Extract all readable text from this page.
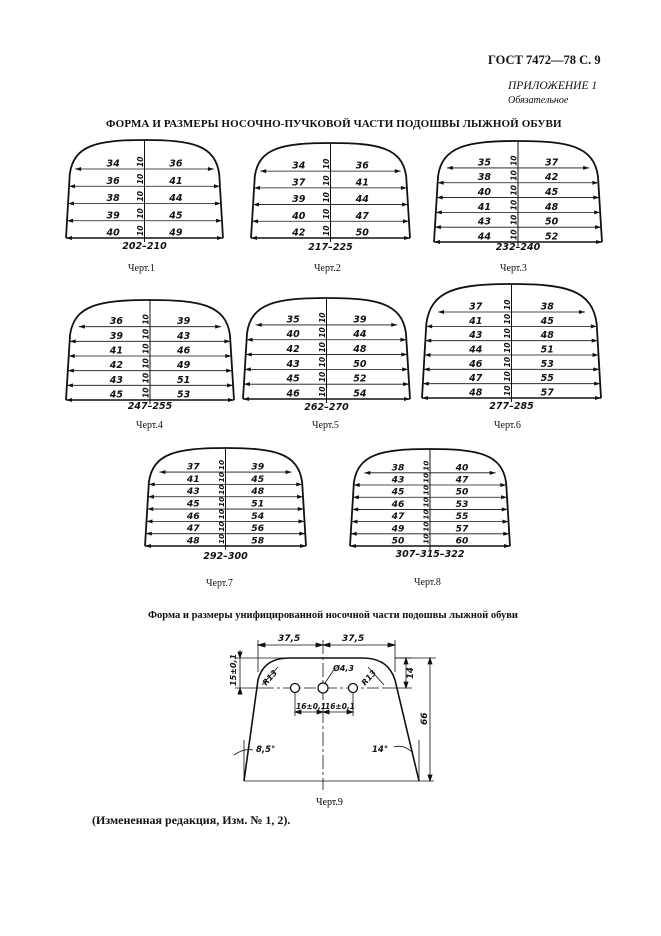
ГОСТ 7472—78 С. 9
ПРИЛОЖЕНИЕ 1
Обязательное
ФОРМА И РАЗМЕРЫ НОСОЧНО-ПУЧКОВОЙ ЧАСТИ ПОДОШВЫ ЛЫЖНОЙ ОБУВИ
34	36
10
36	41
10
38	44
10
39	45
10
40	49
10
202–210
Черт.1
34	36
10
37	41
10
39	44
10
40	47
10
42	50
10
217–225
Черт.2
35	37
10
38	42
10
40	45
10
41	48
10
43	50
10
44	52
10
232–240
Черт.3
36	39
10
39	43
10
41	46
10
42	49
10
43	51
10
45	53
10
247–255
Черт.4
35	39
10
40	44
10
42	48
10
43	50
10
45	52
10
46	54
10
262–270
Черт.5
37	38
10
41	45
10
43	48
10
44	51
10
46	53
10
47	55
10
48	57
10
277–285
Черт.6
37	39
10
41	45
10
43	48
10
45	51
10
46	54
10
47	56
10
48	58
10
292–300
Черт.7
38	40
10
43	47
10
45	50
10
46	53
10
47	55
10
49	57
10
50	60
10
307–315–322
Черт.8
Форма и размеры унифицированной носочной части подошвы лыжной обуви
37,5	37,5
15±0,1	Ø4,3
R13	R13
16±0,1
16±0,1
14
66
8,5°	14°
Черт.9
(Измененная редакция, Изм. № 1, 2).
